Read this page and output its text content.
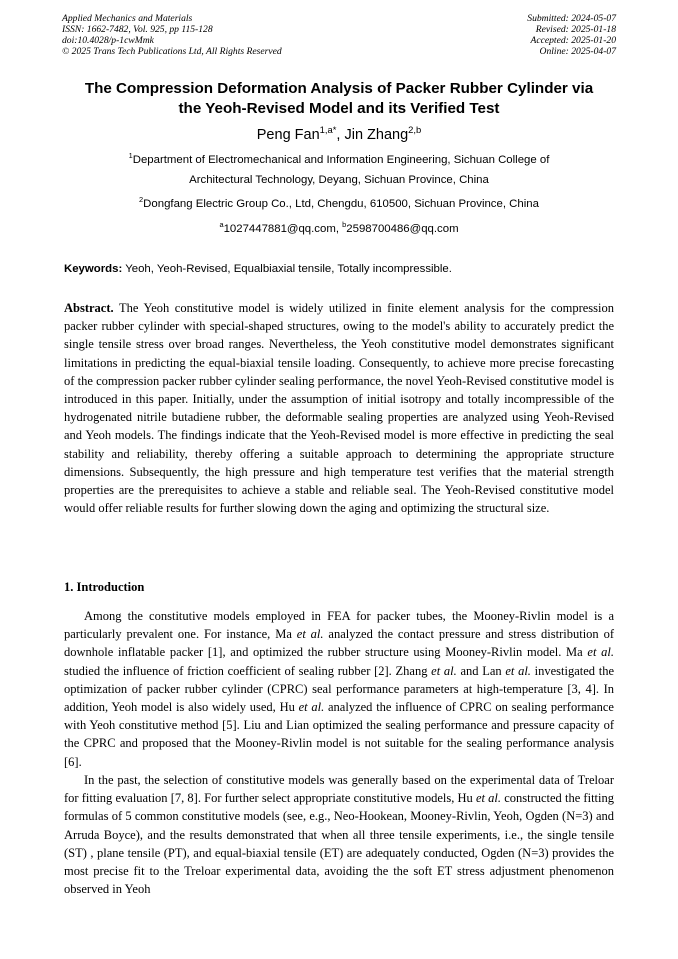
Applied Mechanics and Materials
ISSN: 1662-7482, Vol. 925, pp 115-128
doi:10.4028/p-1cwMmk
© 2025 Trans Tech Publications Ltd, All Rights Reserved
Submitted: 2024-05-07
Revised: 2025-01-18
Accepted: 2025-01-20
Online: 2025-04-07
The Compression Deformation Analysis of Packer Rubber Cylinder via
the Yeoh-Revised Model and its Verified Test
Peng Fan$^{1,a*}$, Jin Zhang$^{2,b}$
$^1$Department of Electromechanical and Information Engineering, Sichuan College of
Architectural Technology, Deyang, Sichuan Province, China
$^2$Dongfang Electric Group Co., Ltd, Chengdu, 610500, Sichuan Province, China
$^a$1027447881@qq.com, $^b$2598700486@qq.com
Keywords: Yeoh, Yeoh-Revised, Equalbiaxial tensile, Totally incompressible.
Abstract. The Yeoh constitutive model is widely utilized in finite element analysis for the compression packer rubber cylinder with special-shaped structures, owing to the model's ability to accurately predict the single tensile stress over broad ranges. Nevertheless, the Yeoh constitutive model demonstrates significant limitations in predicting the equal-biaxial tensile loading. Consequently, to achieve more precise forecasting of the compression packer rubber cylinder sealing performance, the novel Yeoh-Revised constitutive model is introduced in this paper. Initially, under the assumption of initial isotropy and totally incompressible of the hydrogenated nitrile butadiene rubber, the deformable sealing properties are analyzed using Yeoh-Revised and Yeoh models. The findings indicate that the Yeoh-Revised model is more effective in predicting the seal stability and reliability, thereby offering a suitable approach to determining the appropriate structure dimensions. Subsequently, the high pressure and high temperature test verifies that the material strength properties are the prerequisites to achieve a stable and reliable seal. The Yeoh-Revised constitutive model would offer reliable results for further slowing down the aging and optimizing the structural size.
1. Introduction
Among the constitutive models employed in FEA for packer tubes, the Mooney-Rivlin model is a particularly prevalent one. For instance, Ma et al. analyzed the contact pressure and stress distribution of downhole inflatable packer [1], and optimized the rubber structure using Mooney-Rivlin model. Ma et al. studied the influence of friction coefficient of sealing rubber [2]. Zhang et al. and Lan et al. investigated the optimization of packer rubber cylinder (CPRC) seal performance parameters at high-temperature [3, 4]. In addition, Yeoh model is also widely used, Hu et al. analyzed the influence of CPRC on sealing performance with Yeoh constitutive method [5]. Liu and Lian optimized the sealing performance and pressure capacity of the CPRC and proposed that the Mooney-Rivlin model is not suitable for the sealing performance analysis [6].
In the past, the selection of constitutive models was generally based on the experimental data of Treloar for fitting evaluation [7, 8]. For further select appropriate constitutive models, Hu et al. constructed the fitting formulas of 5 common constitutive models (see, e.g., Neo-Hookean, Mooney-Rivlin, Yeoh, Ogden (N=3) and Arruda Boyce), and the results demonstrated that when all three tensile experiments, i.e., the single tensile (ST) , plane tensile (PT), and equal-biaxial tensile (ET) are adequately conducted, Ogden (N=3) provides the most precise fit to the Treloar experimental data, avoiding the the soft ET stress adjustment phenomenon observed in Yeoh
